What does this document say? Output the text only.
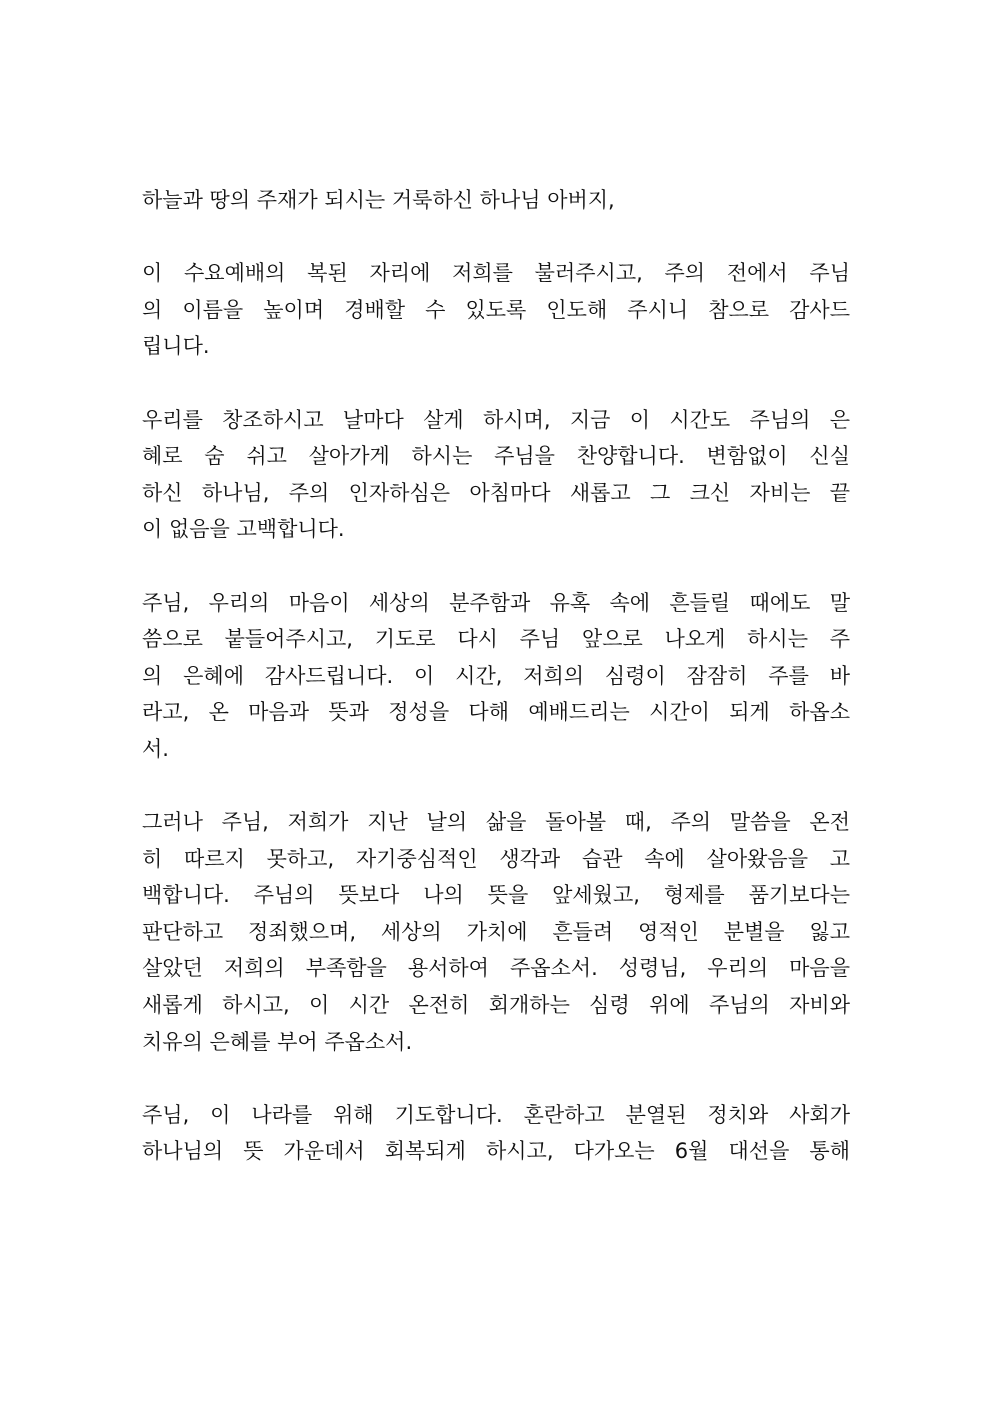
하늘과 땅의 주재가 되시는 거룩하신 하나님 아버지,
이 수요예배의 복된 자리에 저희를 불러주시고, 주의 전에서 주님
의 이름을 높이며 경배할 수 있도록 인도해 주시니 참으로 감사드
립니다.
우리를 창조하시고 날마다 살게 하시며, 지금 이 시간도 주님의 은
혜로 숨 쉬고 살아가게 하시는 주님을 찬양합니다. 변함없이 신실
하신 하나님, 주의 인자하심은 아침마다 새롭고 그 크신 자비는 끝
이 없음을 고백합니다.
주님, 우리의 마음이 세상의 분주함과 유혹 속에 흔들릴 때에도 말
씀으로 붙들어주시고, 기도로 다시 주님 앞으로 나오게 하시는 주
의 은혜에 감사드립니다. 이 시간, 저희의 심령이 잠잠히 주를 바
라고, 온 마음과 뜻과 정성을 다해 예배드리는 시간이 되게 하옵소
서.
그러나 주님, 저희가 지난 날의 삶을 돌아볼 때, 주의 말씀을 온전
히 따르지 못하고, 자기중심적인 생각과 습관 속에 살아왔음을 고
백합니다. 주님의 뜻보다 나의 뜻을 앞세웠고, 형제를 품기보다는
판단하고 정죄했으며, 세상의 가치에 흔들려 영적인 분별을 잃고
살았던 저희의 부족함을 용서하여 주옵소서. 성령님, 우리의 마음을
새롭게 하시고, 이 시간 온전히 회개하는 심령 위에 주님의 자비와
치유의 은혜를 부어 주옵소서.
주님, 이 나라를 위해 기도합니다. 혼란하고 분열된 정치와 사회가
하나님의 뜻 가운데서 회복되게 하시고, 다가오는 6월 대선을 통해
